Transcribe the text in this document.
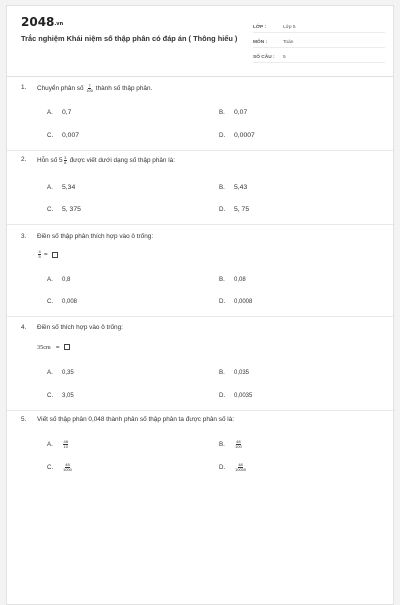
2048.vn
Trắc nghiệm Khái niệm số thập phân có đáp án ( Thông hiểu )
LỚP :	Lớp 5
MÔN :	Toán
SỐ CÂU :	5
1. Chuyển phân số $\frac{7}{100}$ thành số thập phân.
A.	0,7	B.	0,07
C.	0,007	D.	0,0007
2. Hỗn số $5 \frac{3}{8}$ được viết dưới dạng số thập phân là:
A.	5,34	B.	5,43
C.	5, 375	D.	5, 75
3. Điền số thập phân thích hợp vào ô trống:
$\frac{4}{5}$ =
A.	0,8	B.	0,08
C.	0,008	D.	0,0008
4. Điền số thích hợp vào ô trống:
35cm =
A.	0,35	B.	0,035
C.	3,05	D.	0,0035
5. Viết số thập phân 0,048 thành phân số thập phân ta được phân số là:
A.	$\frac{48}{10}$	B.	$\frac{48}{100}$
C.	$\frac{48}{1000}$	D.	$\frac{48}{10000}$
